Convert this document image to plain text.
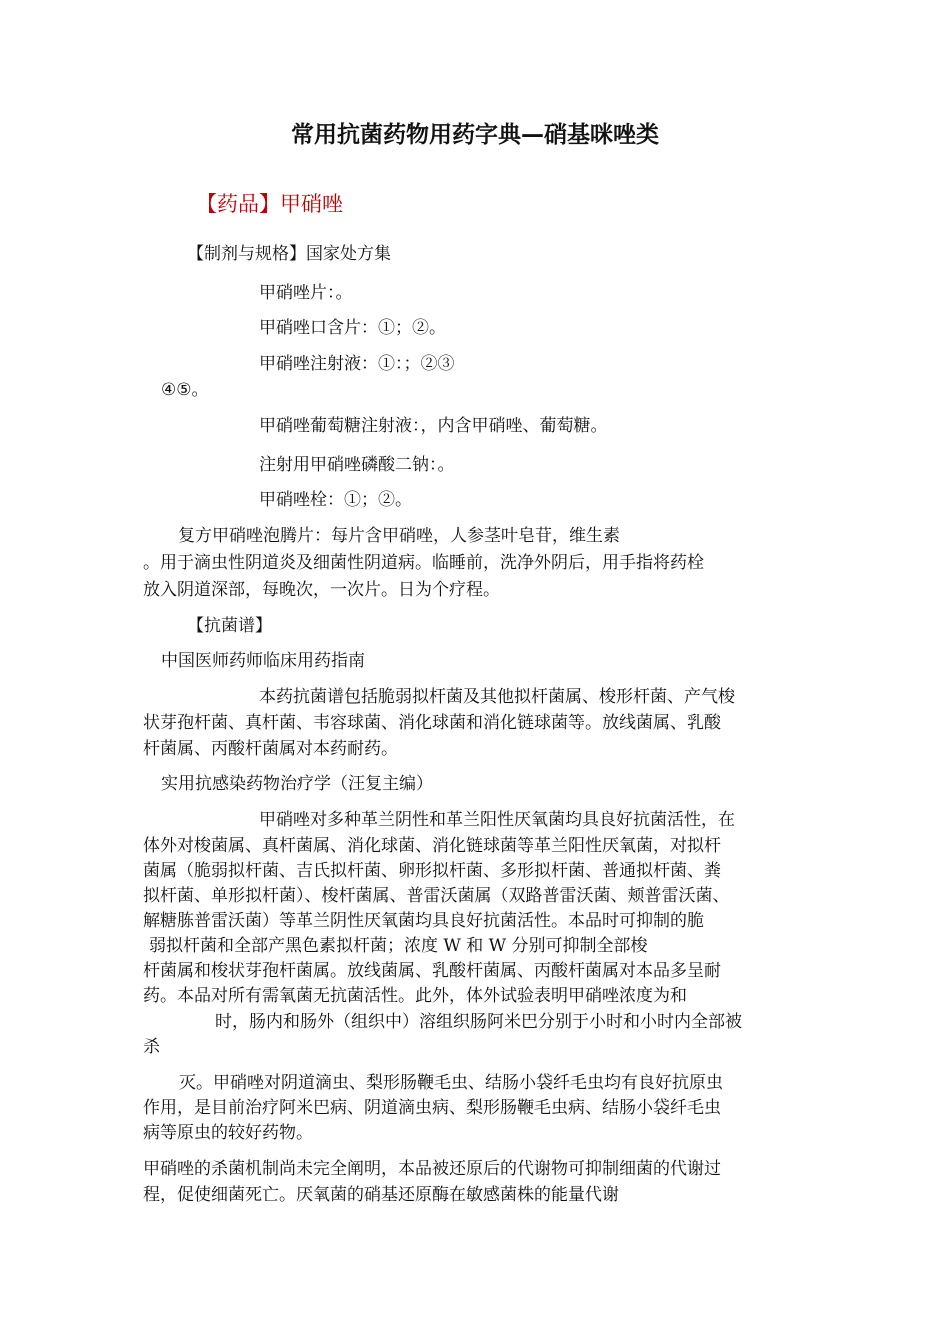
常用抗菌药物用药字典—硝基咪唑类
【药品】甲硝唑
【制剂与规格】国家处方集
甲硝唑片：。
甲硝唑口含片：①；②。
甲硝唑注射液：①：；②③
④⑤。
甲硝唑葡萄糖注射液：，内含甲硝唑、葡萄糖。
注射用甲硝唑磷酸二钠：。
甲硝唑栓：①；②。
复方甲硝唑泡腾片：每片含甲硝唑，人参茎叶皂苷，维生素
。用于滴虫性阴道炎及细菌性阴道病。临睡前，洗净外阴后，用手指将药栓
放入阴道深部，每晚次，一次片。日为个疗程。
【抗菌谱】
中国医师药师临床用药指南
本药抗菌谱包括脆弱拟杆菌及其他拟杆菌属、梭形杆菌、产气梭
状芽孢杆菌、真杆菌、韦容球菌、消化球菌和消化链球菌等。放线菌属、乳酸
杆菌属、丙酸杆菌属对本药耐药。
实用抗感染药物治疗学（汪复主编）
甲硝唑对多种革兰阴性和革兰阳性厌氧菌均具良好抗菌活性，在
体外对梭菌属、真杆菌属、消化球菌、消化链球菌等革兰阳性厌氧菌，对拟杆
菌属（脆弱拟杆菌、吉氏拟杆菌、卵形拟杆菌、多形拟杆菌、普通拟杆菌、粪
拟杆菌、单形拟杆菌）、梭杆菌属、普雷沃菌属（双路普雷沃菌、颊普雷沃菌、
解糖胨普雷沃菌）等革兰阴性厌氧菌均具良好抗菌活性。本品时可抑制的脆
弱拟杆菌和全部产黑色素拟杆菌；浓度 W 和 W 分别可抑制全部梭
杆菌属和梭状芽孢杆菌属。放线菌属、乳酸杆菌属、丙酸杆菌属对本品多呈耐
药。本品对所有需氧菌无抗菌活性。此外，体外试验表明甲硝唑浓度为和
时，肠内和肠外（组织中）溶组织肠阿米巴分别于小时和小时内全部被
杀
灭。甲硝唑对阴道滴虫、梨形肠鞭毛虫、结肠小袋纤毛虫均有良好抗原虫
作用，是目前治疗阿米巴病、阴道滴虫病、梨形肠鞭毛虫病、结肠小袋纤毛虫
病等原虫的较好药物。
甲硝唑的杀菌机制尚未完全阐明，本品被还原后的代谢物可抑制细菌的代谢过
程，促使细菌死亡。厌氧菌的硝基还原酶在敏感菌株的能量代谢
